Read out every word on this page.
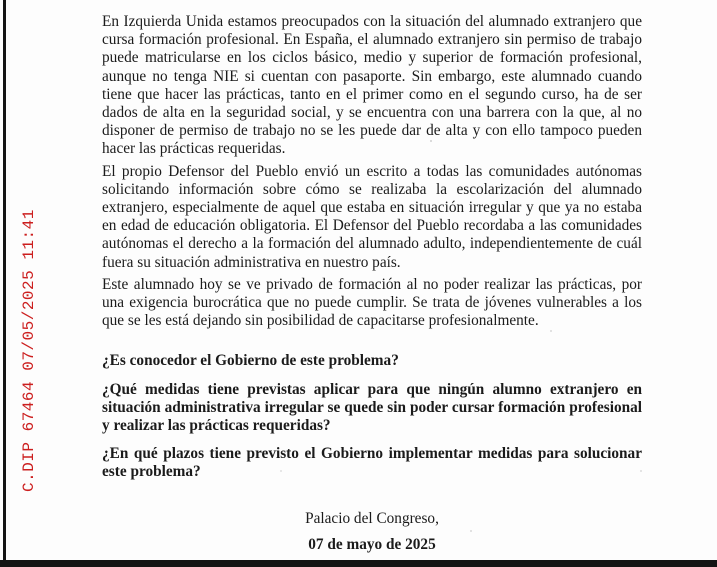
C.DIP 67464 07/05/2025 11:41

En Izquierda Unida estamos preocupados con la situación del alumnado extranjero que cursa formación profesional. En España, el alumnado extranjero sin permiso de trabajo puede matricularse en los ciclos básico, medio y superior de formación profesional, aunque no tenga NIE si cuentan con pasaporte. Sin embargo, este alumnado cuando tiene que hacer las prácticas, tanto en el primer como en el segundo curso, ha de ser dados de alta en la seguridad social, y se encuentra con una barrera con la que, al no disponer de permiso de trabajo no se les puede dar de alta y con ello tampoco pueden hacer las prácticas requeridas.

El propio Defensor del Pueblo envió un escrito a todas las comunidades autónomas solicitando información sobre cómo se realizaba la escolarización del alumnado extranjero, especialmente de aquel que estaba en situación irregular y que ya no estaba en edad de educación obligatoria. El Defensor del Pueblo recordaba a las comunidades autónomas el derecho a la formación del alumnado adulto, independientemente de cuál fuera su situación administrativa en nuestro país.

Este alumnado hoy se ve privado de formación al no poder realizar las prácticas, por una exigencia burocrática que no puede cumplir. Se trata de jóvenes vulnerables a los que se les está dejando sin posibilidad de capacitarse profesionalmente.

¿Es conocedor el Gobierno de este problema?

¿Qué medidas tiene previstas aplicar para que ningún alumno extranjero en situación administrativa irregular se quede sin poder cursar formación profesional y realizar las prácticas requeridas?

¿En qué plazos tiene previsto el Gobierno implementar medidas para solucionar este problema?

Palacio del Congreso,
07 de mayo de 2025
